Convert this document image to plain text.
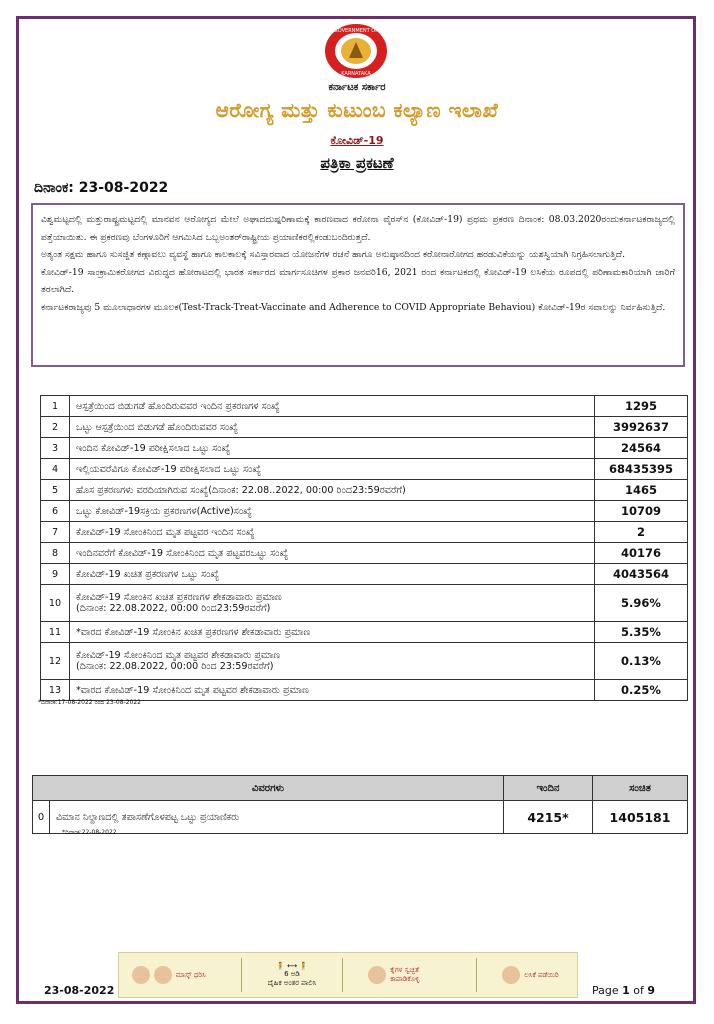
GOVERNMENT OF
KARNATAKA
ಕರ್ನಾಟಕ ಸರ್ಕಾರ
ಆರೋಗ್ಯ ಮತ್ತು ಕುಟುಂಬ ಕಲ್ಯಾಣ ಇಲಾಖೆ
ಕೋವಿಡ್-19
ಪತ್ರಿಕಾ ಪ್ರಕಟಣೆ
ದಿನಾಂಕ: 23-08-2022

ವಿಶ್ವಮಟ್ಟದಲ್ಲಿ ಮತ್ತುರಾಷ್ಟ್ರಮಟ್ಟದಲ್ಲಿ ಮಾನವನ ಆರೋಗ್ಯದ ಮೇಲೆ ಅಘಾದದುಷ್ಪರಿಣಾಮಕ್ಕೆ ಕಾರಣವಾದ ಕರೋನಾ ವೈರಸ್‌ನ (ಕೋವಿಡ್-19) ಪ್ರಥಮ ಪ್ರಕರಣ ದಿನಾಂಕ: 08.03.2020ರಂದುಕರ್ನಾಟಕರಾಜ್ಯದಲ್ಲಿ ಪತ್ತೆಯಾಯಿತು. ಈ ಪ್ರಕರಣವು ಬೆಂಗಳೂರಿಗೆ ಆಗಮಿಸಿದ ಒಬ್ಬಅಂತರ್‌ರಾಷ್ಟ್ರೀಯ ಪ್ರಯಾಣಿಕರಲ್ಲಿಕಂಡುಬಂದಿರುತ್ತದೆ.

ಅತ್ಯಂತ ಸಕ್ಷಮ ಹಾಗೂ ಸುಸಜ್ಜಿತ ಕಣ್ಗಾವಲು ವ್ಯವಸ್ಥೆ ಹಾಗೂ ಕಾಲಕಾಲಕ್ಕೆ ಸವಿಸ್ತಾರವಾದ ಯೋಜನೆಗಳ ರಚನೆ ಹಾಗೂ ಅನುಷ್ಠಾನದಿಂದ ಕರೋನಾರೋಗದ ಹರಡುವಿಕೆಯನ್ನು ಯಶಸ್ವಿಯಾಗಿ ನಿಗ್ರಹಿಸಲಾಗುತ್ತಿದೆ.

ಕೋವಿಡ್-19 ಸಾಂಕ್ರಾಮಿಕರೋಗದ ವಿರುದ್ಧದ ಹೋರಾಟದಲ್ಲಿ ಭಾರತ ಸರ್ಕಾರದ ಮಾರ್ಗಸೂಚಿಗಳ ಪ್ರಕಾರ ಜನವರಿ16, 2021 ರಂದ ಕರ್ನಾಟಕದಲ್ಲಿ ಕೋವಿಡ್-19 ಲಸಿಕೆಯ ರೂಪದಲ್ಲಿ ಪರಿಣಾಮಕಾರಿಯಾಗಿ ಜಾರಿಗೆ ತರಲಾಗಿದೆ.

ಕರ್ನಾಟಕರಾಜ್ಯವು 5 ಮೂಲಾಧಾರಗಳ ಮೂಲಕ(Test-Track-Treat-Vaccinate and Adherence to COVID Appropriate Behaviou) ಕೋವಿಡ್-19ರ ಸವಾಲನ್ನು ನಿರ್ವಹಿಸುತ್ತಿದೆ.

1	ಆಸ್ಪತ್ರೆಯಿಂದ ಬಿಡುಗಡೆ ಹೊಂದಿರುವವರ ಇಂದಿನ ಪ್ರಕರಣಗಳ ಸಂಖ್ಯೆ	1295
2	ಒಟ್ಟು ಆಸ್ಪತ್ರೆಯಿಂದ ಬಿಡುಗಡೆ ಹೊಂದಿರುವವರ ಸಂಖ್ಯೆ	3992637
3	ಇಂದಿನ ಕೋವಿಡ್-19 ಪರೀಕ್ಷಿಸಲಾದ ಒಟ್ಟು ಸಂಖ್ಯೆ	24564
4	ಇಲ್ಲಿಯವರೆವಿಗೂ ಕೋವಿಡ್-19 ಪರೀಕ್ಷಿಸಲಾದ ಒಟ್ಟು ಸಂಖ್ಯೆ	68435395
5	ಹೊಸ ಪ್ರಕರಣಗಳು ವರದಿಯಾಗಿರುವ ಸಂಖ್ಯೆ(ದಿನಾಂಕ: 22.08..2022, 00:00 ರಿಂದ23:59ರವರೆಗೆ)	1465
6	ಒಟ್ಟು ಕೋವಿಡ್-19ಸಕ್ರಿಯ ಪ್ರಕರಣಗಳ(Active)ಸಂಖ್ಯೆ	10709
7	ಕೋವಿಡ್-19 ಸೋಂಕಿನಿಂದ ಮೃತ ಪಟ್ಟವರ ಇಂದಿನ ಸಂಖ್ಯೆ	2
8	ಇಂದಿನವರೆಗೆ ಕೋವಿಡ್-19 ಸೋಂಕಿನಿಂದ ಮೃತ ಪಟ್ಟವರಒಟ್ಟು ಸಂಖ್ಯೆ	40176
9	ಕೋವಿಡ್-19 ಖಚಿತ ಪ್ರಕರಣಗಳ ಒಟ್ಟು ಸಂಖ್ಯೆ	4043564
10	ಕೋವಿಡ್-19 ಸೋಂಕಿನ ಖಚಿತ ಪ್ರಕರಣಗಳ ಶೇಕಡಾವಾರು ಪ್ರಮಾಣ
(ದಿನಾಂಕ: 22.08.2022, 00:00 ರಿಂದ23:59ರವರೆಗೆ)	5.96%
11	*ವಾರದ ಕೋವಿಡ್-19 ಸೋಂಕಿನ ಖಚಿತ ಪ್ರಕರಣಗಳ ಶೇಕಡಾವಾರು ಪ್ರಮಾಣ	5.35%
12	ಕೋವಿಡ್-19 ಸೋಂಕಿನಿಂದ ಮೃತ ಪಟ್ಟವರ ಶೇಕಡಾವಾರು ಪ್ರಮಾಣ
(ದಿನಾಂಕ: 22.08.2022, 00:00 ರಿಂದ 23:59ರವರೆಗೆ)	0.13%
13	*ವಾರದ ಕೋವಿಡ್-19 ಸೋಂಕಿನಿಂದ ಮೃತ ಪಟ್ಟವರ ಶೇಕಡಾವಾರು ಪ್ರಮಾಣ	0.25%
*ದಿನಾಂಕ:17-08-2022 ರಿಂದ 23-08-2022
ವಿವರಗಳು		ಇಂದಿನ	ಸಂಚಿತ
0	ವಿಮಾನ ನಿಲ್ದಾಣದಲ್ಲಿ ತಪಾಸಣೆಗೊಳಪಟ್ಟ ಒಟ್ಟು ಪ್ರಯಾಣಿಕರು	4215*	1405181
*ದಿನಾಂಕ:22-08-2022
ಮಾಸ್ಕ್ ಧರಿಸಿ
🧍 ⟷ 🧍
6 ಅಡಿ
ದೈಹಿಕ ಅಂತರ ಪಾಲಿಸಿ
ಕೈಗಳ ಸ್ವಚ್ಛತೆ ಕಾಪಾಡಿಕೊಳ್ಳಿ
ಲಸಿಕೆ ಪಡೆಯಿರಿ
23-08-2022	Page 1 of 9
